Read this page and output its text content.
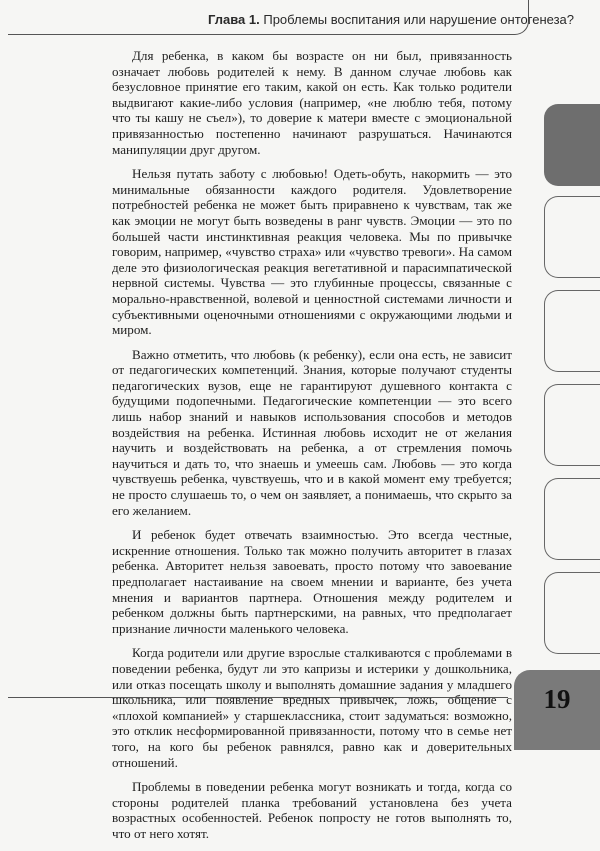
Глава 1. Проблемы воспитания или нарушение онтогенеза?

Для ребенка, в каком бы возрасте он ни был, привязанность означает любовь родителей к нему. В данном случае любовь как безусловное принятие его таким, какой он есть. Как только родители выдвигают какие-либо условия (например, «не люблю тебя, потому что ты кашу не съел»), то доверие к матери вместе с эмоциональной привязанностью постепенно начинают разрушаться. Начинаются манипуляции друг другом.

Нельзя путать заботу с любовью! Одеть-обуть, накормить — это минимальные обязанности каждого родителя. Удовлетворение потребностей ребенка не может быть приравнено к чувствам, так же как эмоции не могут быть возведены в ранг чувств. Эмоции — это по большей части инстинктивная реакция человека. Мы по привычке говорим, например, «чувство страха» или «чувство тревоги». На самом деле это физиологическая реакция вегетативной и парасимпатической нервной системы. Чувства — это глубинные процессы, связанные с морально-нравственной, волевой и ценностной системами личности и субъективными оценочными отношениями с окружающими людьми и миром.

Важно отметить, что любовь (к ребенку), если она есть, не зависит от педагогических компетенций. Знания, которые получают студенты педагогических вузов, еще не гарантируют душевного контакта с будущими подопечными. Педагогические компетенции — это всего лишь набор знаний и навыков использования способов и методов воздействия на ребенка. Истинная любовь исходит не от желания научить и воздействовать на ребенка, а от стремления помочь научиться и дать то, что знаешь и умеешь сам. Любовь — это когда чувствуешь ребенка, чувствуешь, что и в какой момент ему требуется; не просто слушаешь то, о чем он заявляет, а понимаешь, что скрыто за его желанием.

И ребенок будет отвечать взаимностью. Это всегда честные, искренние отношения. Только так можно получить авторитет в глазах ребенка. Авторитет нельзя завоевать, просто потому что завоевание предполагает настаивание на своем мнении и варианте, без учета мнения и вариантов партнера. Отношения между родителем и ребенком должны быть партнерскими, на равных, что предполагает признание личности маленького человека.

Когда родители или другие взрослые сталкиваются с проблемами в поведении ребенка, будут ли это капризы и истерики у дошкольника, или отказ посещать школу и выполнять домашние задания у младшего школьника, или появление вредных привычек, ложь, общение с «плохой компанией» у старшеклассника, стоит задуматься: возможно, это отклик несформированной привязанности, потому что в семье нет того, на кого бы ребенок равнялся, равно как и доверительных отношений.

Проблемы в поведении ребенка могут возникать и тогда, когда со стороны родителей планка требований установлена без учета возрастных особенностей. Ребенок попросту не готов выполнять то, что от него хотят.

19
